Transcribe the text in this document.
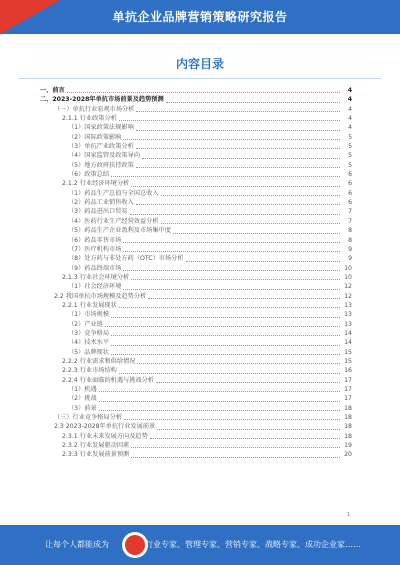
单抗企业品牌营销策略研究报告
内容目录
一、前言	4
二、2023-2028年单抗市场前景及趋势预测	4
（一）单抗行业宏观市场分析	4
2.1.1 行业政策分析	4
（1）国家政策法规影响	4
（2）国际政策影响	5
（3）单抗产业政策分析	5
（4）国家监管及政策导向	5
（5）地方政府扶持政策	5
（6）政策总结	6
2.1.2 行业经济环境分析	6
（1）药品生产总值与全国总收入	6
（2）药品工业销售收入	6
（3）药品进出口贸易	7
（4）医药行业生产经营效益分析	7
（5）药品生产企业盈利及市场集中度	8
（6）药品零售市场	8
（7）医疗机构市场	9
（8）处方药与非处方药（OTC）市场分析	9
（9）药品终端市场	10
2.1.3 行业社会环境分析	10
（1）社会经济环境	12
2.2 我国单抗市场规模及趋势分析	12
2.2.1 行业发展现状	13
（1）市场规模	13
（2）产业链	13
（3）竞争格局	14
（4）技术水平	14
（5）品牌现状	15
2.2.2 行业需求和供给情况	15
2.2.3 行业市场结构	16
2.2.4 行业面临的机遇与挑战分析	17
（1）机遇	17
（2）挑战	17
（3）前景	18
（三）行业竞争格局分析	18
2.3 2023-2028年单抗行业发展前景	18
2.3.1 行业未来发展方向及趋势	18
2.3.2 行业发展驱动因素	19
2.3.3 行业发展前景预测	20
1
让每个人都能成为	行业专家、管理专家、营销专家、战略专家、成功企业家……
